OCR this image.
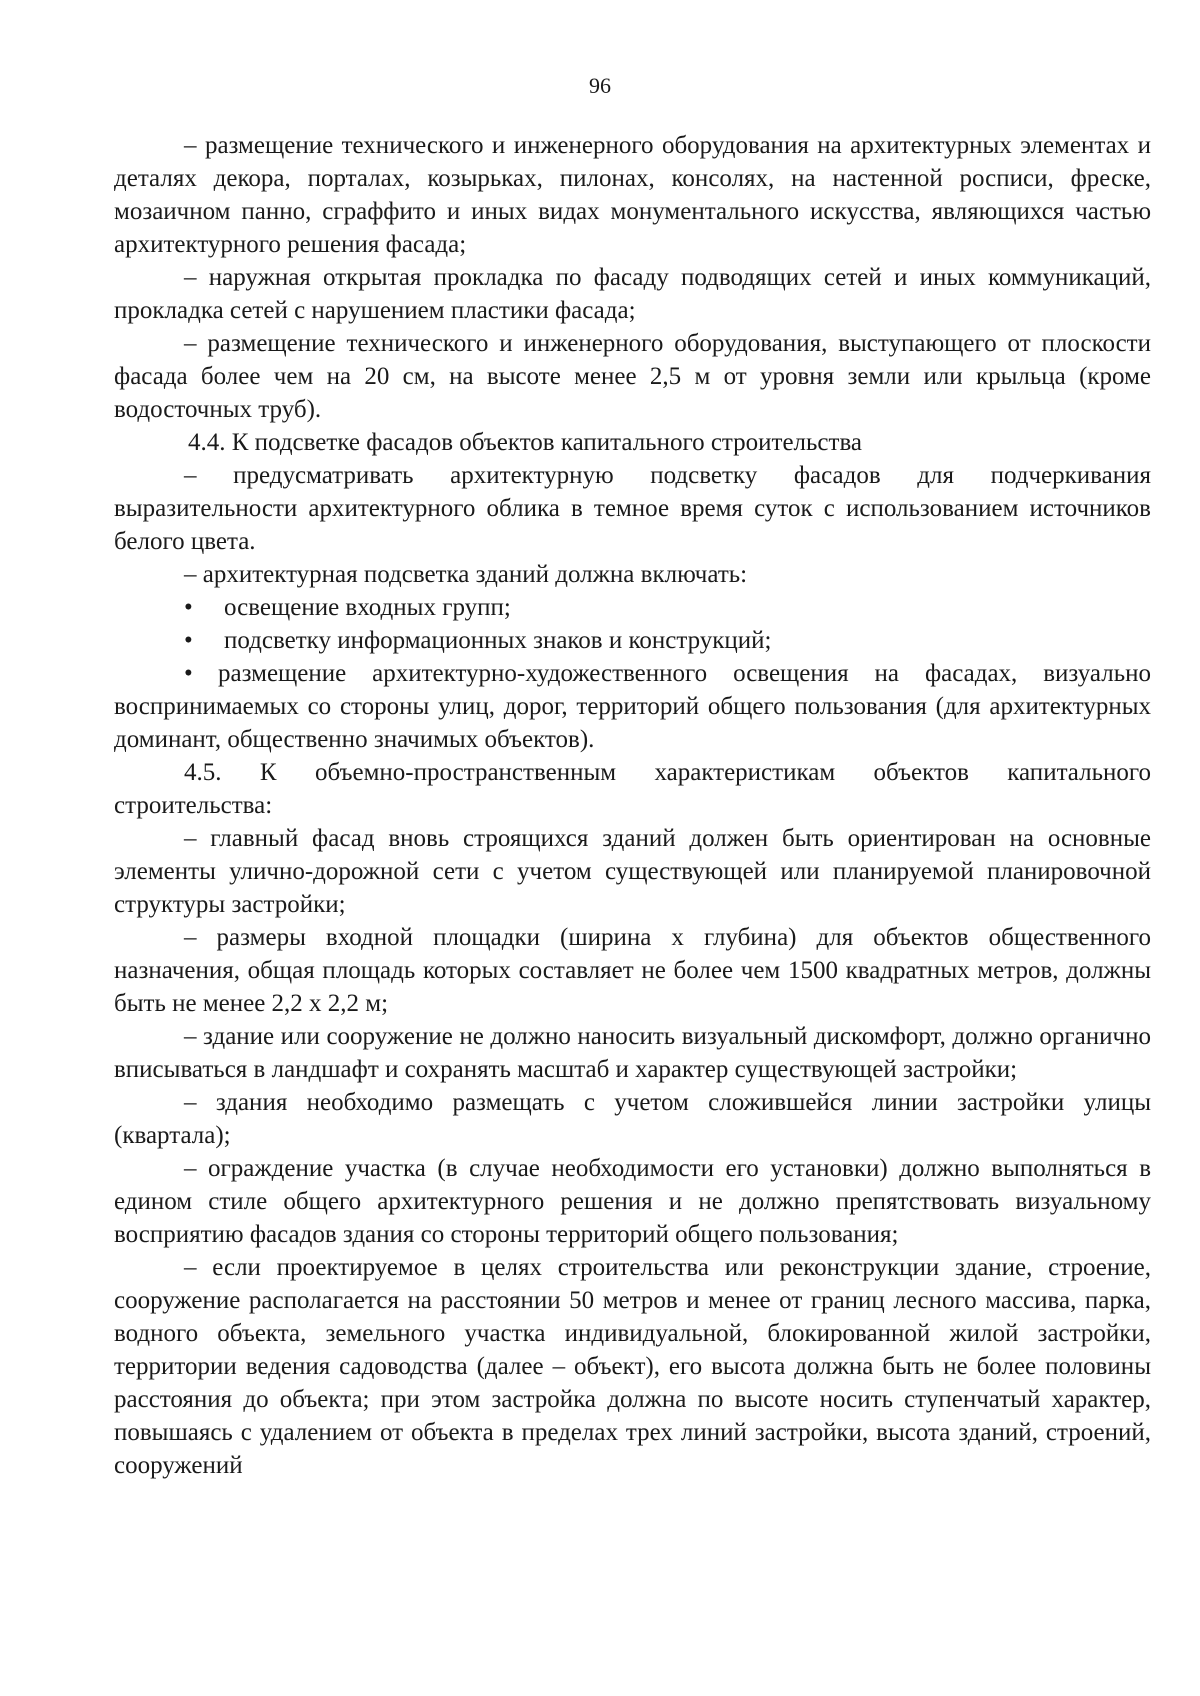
96

– размещение технического и инженерного оборудования на архитектурных элементах и деталях декора, порталах, козырьках, пилонах, консолях, на настенной росписи, фреске, мозаичном панно, сграффито и иных видах монументального искусства, являющихся частью архитектурного решения фасада;

– наружная открытая прокладка по фасаду подводящих сетей и иных коммуникаций, прокладка сетей с нарушением пластики фасада;

– размещение технического и инженерного оборудования, выступающего от плоскости фасада более чем на 20 см, на высоте менее 2,5 м от уровня земли или крыльца (кроме водосточных труб).

4.4. К подсветке фасадов объектов капитального строительства

– предусматривать архитектурную подсветку фасадов для подчеркивания выразительности архитектурного облика в темное время суток с использованием источников белого цвета.

– архитектурная подсветка зданий должна включать:

• освещение входных групп;

• подсветку информационных знаков и конструкций;

• размещение архитектурно-художественного освещения на фасадах, визуально воспринимаемых со стороны улиц, дорог, территорий общего пользования (для архитектурных доминант, общественно значимых объектов).

4.5. К объемно-пространственным характеристикам объектов капитального строительства:

– главный фасад вновь строящихся зданий должен быть ориентирован на основные элементы улично-дорожной сети с учетом существующей или планируемой планировочной структуры застройки;

– размеры входной площадки (ширина х глубина) для объектов общественного назначения, общая площадь которых составляет не более чем 1500 квадратных метров, должны быть не менее 2,2 х 2,2 м;

– здание или сооружение не должно наносить визуальный дискомфорт, должно органично вписываться в ландшафт и сохранять масштаб и характер существующей застройки;

– здания необходимо размещать с учетом сложившейся линии застройки улицы (квартала);

– ограждение участка (в случае необходимости его установки) должно выполняться в едином стиле общего архитектурного решения и не должно препятствовать визуальному восприятию фасадов здания со стороны территорий общего пользования;

– если проектируемое в целях строительства или реконструкции здание, строение, сооружение располагается на расстоянии 50 метров и менее от границ лесного массива, парка, водного объекта, земельного участка индивидуальной, блокированной жилой застройки, территории ведения садоводства (далее – объект), его высота должна быть не более половины расстояния до объекта; при этом застройка должна по высоте носить ступенчатый характер, повышаясь с удалением от объекта в пределах трех линий застройки, высота зданий, строений, сооружений
